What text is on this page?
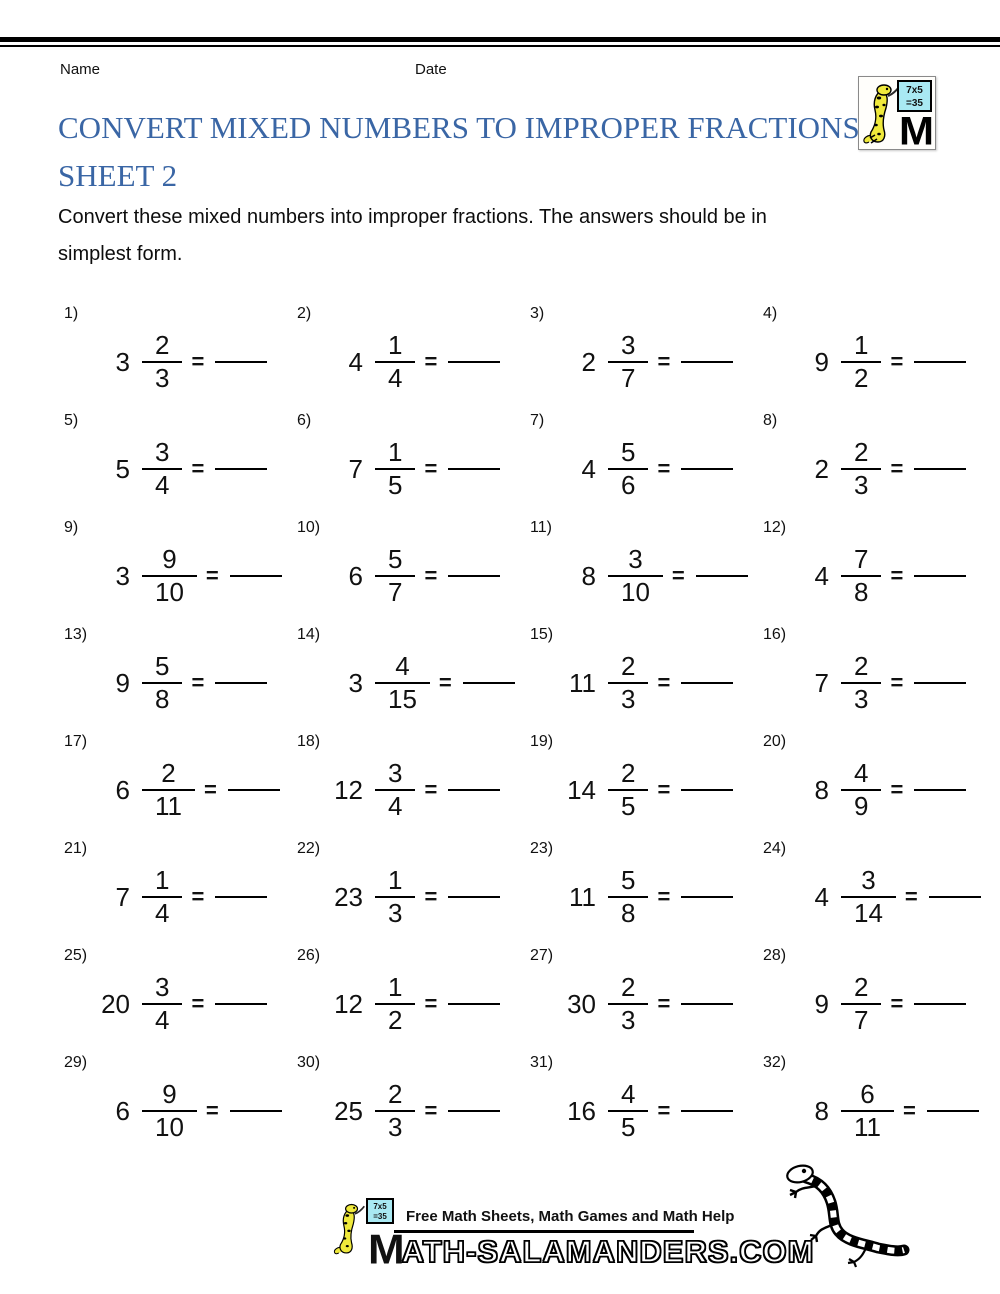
Name	Date
7x5
=35
M
CONVERT MIXED NUMBERS TO IMPROPER FRACTIONS
SHEET 2
Convert these mixed numbers into improper fractions. The answers should be in
simplest form.
1)
$3 \frac{2}{3}$ =
2)
$4 \frac{1}{4}$ =
3)
$2 \frac{3}{7}$ =
4)
$9 \frac{1}{2}$ =
5)
$5 \frac{3}{4}$ =
6)
$7 \frac{1}{5}$ =
7)
$4 \frac{5}{6}$ =
8)
$2 \frac{2}{3}$ =
9)
$3 \frac{9}{10}$ =
10)
$6 \frac{5}{7}$ =
11)
$8 \frac{3}{10}$ =
12)
$4 \frac{7}{8}$ =
13)
$9 \frac{5}{8}$ =
14)
$3 \frac{4}{15}$ =
15)
$11 \frac{2}{3}$ =
16)
$7 \frac{2}{3}$ =
17)
$6 \frac{2}{11}$ =
18)
$12 \frac{3}{4}$ =
19)
$14 \frac{2}{5}$ =
20)
$8 \frac{4}{9}$ =
21)
$7 \frac{1}{4}$ =
22)
$23 \frac{1}{3}$ =
23)
$11 \frac{5}{8}$ =
24)
$4 \frac{3}{14}$ =
25)
$20 \frac{3}{4}$ =
26)
$12 \frac{1}{2}$ =
27)
$30 \frac{2}{3}$ =
28)
$9 \frac{2}{7}$ =
29)
$6 \frac{9}{10}$ =
30)
$25 \frac{2}{3}$ =
31)
$16 \frac{4}{5}$ =
32)
$8 \frac{6}{11}$ =
7x5
=35	Free Math Sheets, Math Games and Math Help
M ATH-SALAMANDERS.COM
